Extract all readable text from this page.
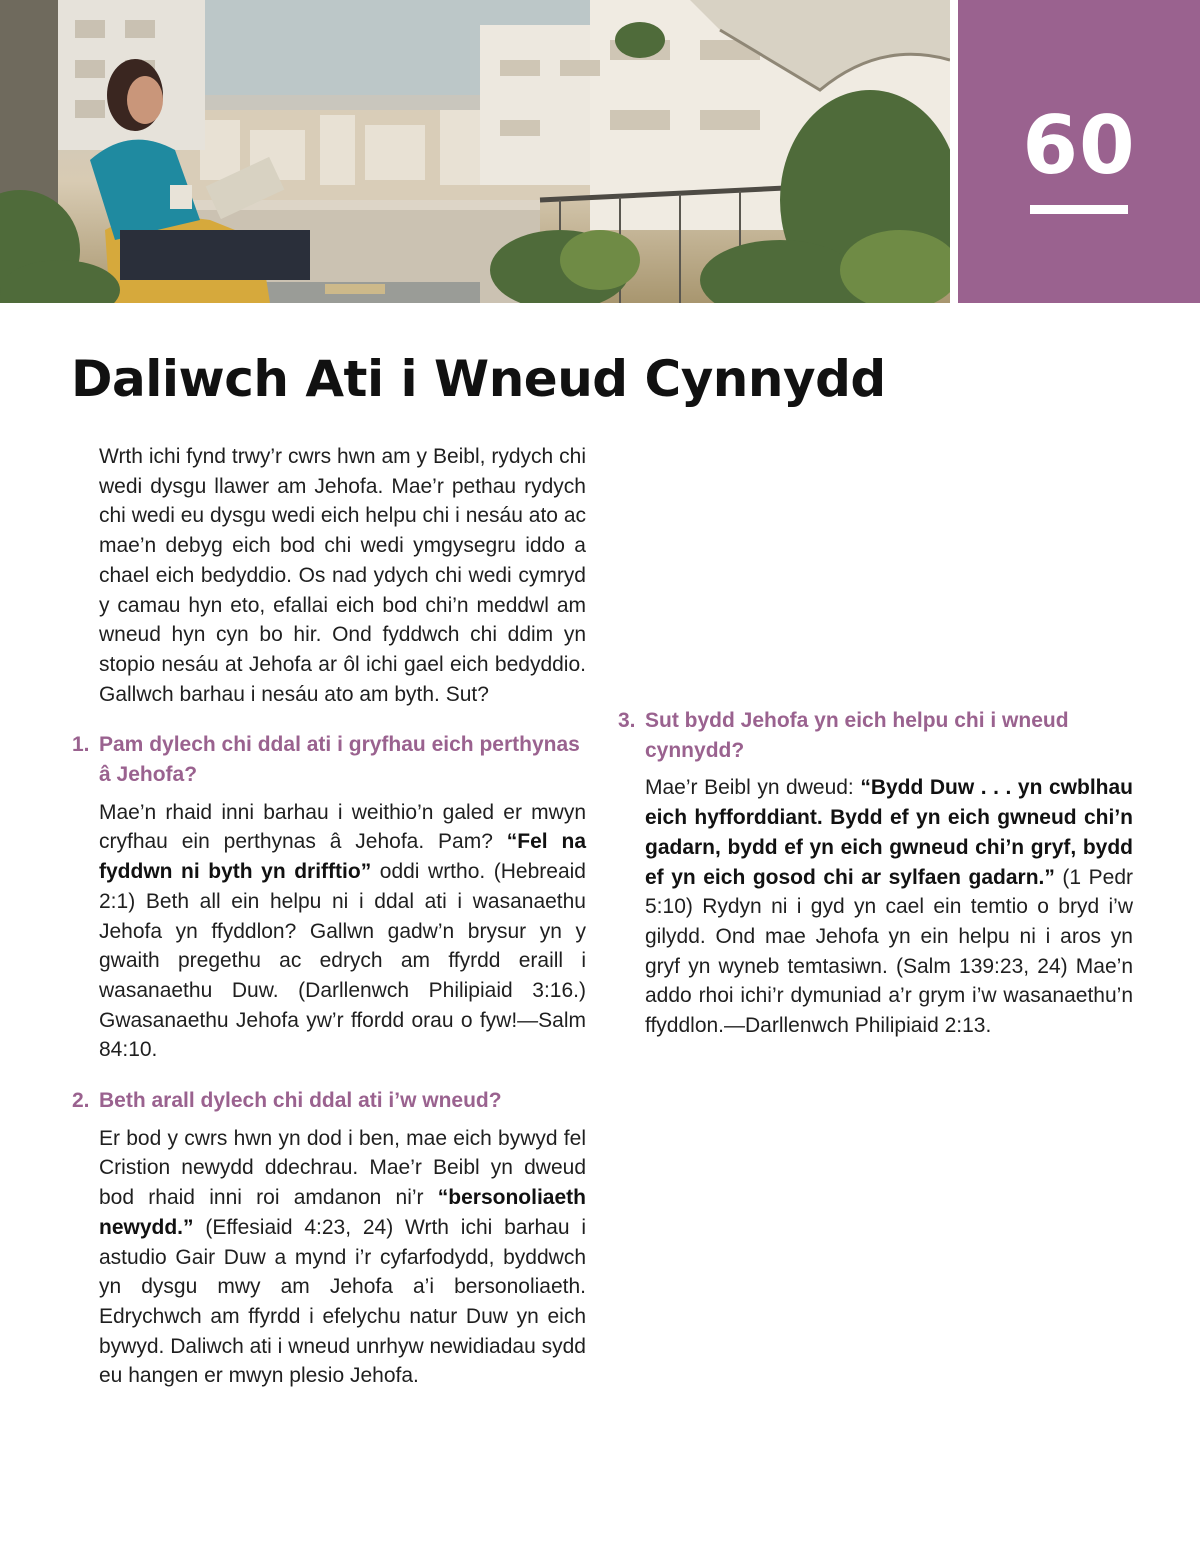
60
Daliwch Ati i Wneud Cynnydd

Wrth ichi fynd trwy’r cwrs hwn am y Beibl, rydych chi wedi dysgu llawer am Jehofa. Mae’r pethau rydych chi wedi eu dysgu wedi eich helpu chi i nesáu ato ac mae’n debyg eich bod chi wedi ymgysegru iddo a chael eich bedyddio. Os nad ydych chi wedi cymryd y camau hyn eto, efallai eich bod chi’n meddwl am wneud hyn cyn bo hir. Ond fyddwch chi ddim yn stopio nesáu at Jehofa ar ôl ichi gael eich bedyddio. Gallwch barhau i nesáu ato am byth. Sut?

1. Pam dylech chi ddal ati i gryfhau eich perthynas â Jehofa?

Mae’n rhaid inni barhau i weithio’n galed er mwyn cryfhau ein perthynas â Jehofa. Pam? “Fel na fyddwn ni byth yn drifftio” oddi wrtho. (Hebreaid 2:1) Beth all ein helpu ni i ddal ati i wasanaethu Jehofa yn ffyddlon? Gallwn gadw’n brysur yn y gwaith pregethu ac edrych am ffyrdd eraill i wasanaethu Duw. (Darllenwch Philipiaid 3:16.) Gwasanaethu Jehofa yw’r ffordd orau o fyw!—Salm 84:10.

2. Beth arall dylech chi ddal ati i’w wneud?

Er bod y cwrs hwn yn dod i ben, mae eich bywyd fel Cristion newydd ddechrau. Mae’r Beibl yn dweud bod rhaid inni roi amdanon ni’r “bersonoliaeth newydd.” (Effesiaid 4:23, 24) Wrth ichi barhau i astudio Gair Duw a mynd i’r cyfarfodydd, byddwch yn dysgu mwy am Jehofa a’i bersonoliaeth. Edrychwch am ffyrdd i efelychu natur Duw yn eich bywyd. Daliwch ati i wneud unrhyw newidiadau sydd eu hangen er mwyn plesio Jehofa.

3. Sut bydd Jehofa yn eich helpu chi i wneud cynnydd?

Mae’r Beibl yn dweud: “Bydd Duw . . . yn cwblhau eich hyfforddiant. Bydd ef yn eich gwneud chi’n gadarn, bydd ef yn eich gwneud chi’n gryf, bydd ef yn eich gosod chi ar sylfaen gadarn.” (1 Pedr 5:10) Rydyn ni i gyd yn cael ein temtio o bryd i’w gilydd. Ond mae Jehofa yn ein helpu ni i aros yn gryf yn wyneb temtasiwn. (Salm 139:23, 24) Mae’n addo rhoi ichi’r dymuniad a’r grym i’w wasanaethu’n ffyddlon.—Darllenwch Philipiaid 2:13.
